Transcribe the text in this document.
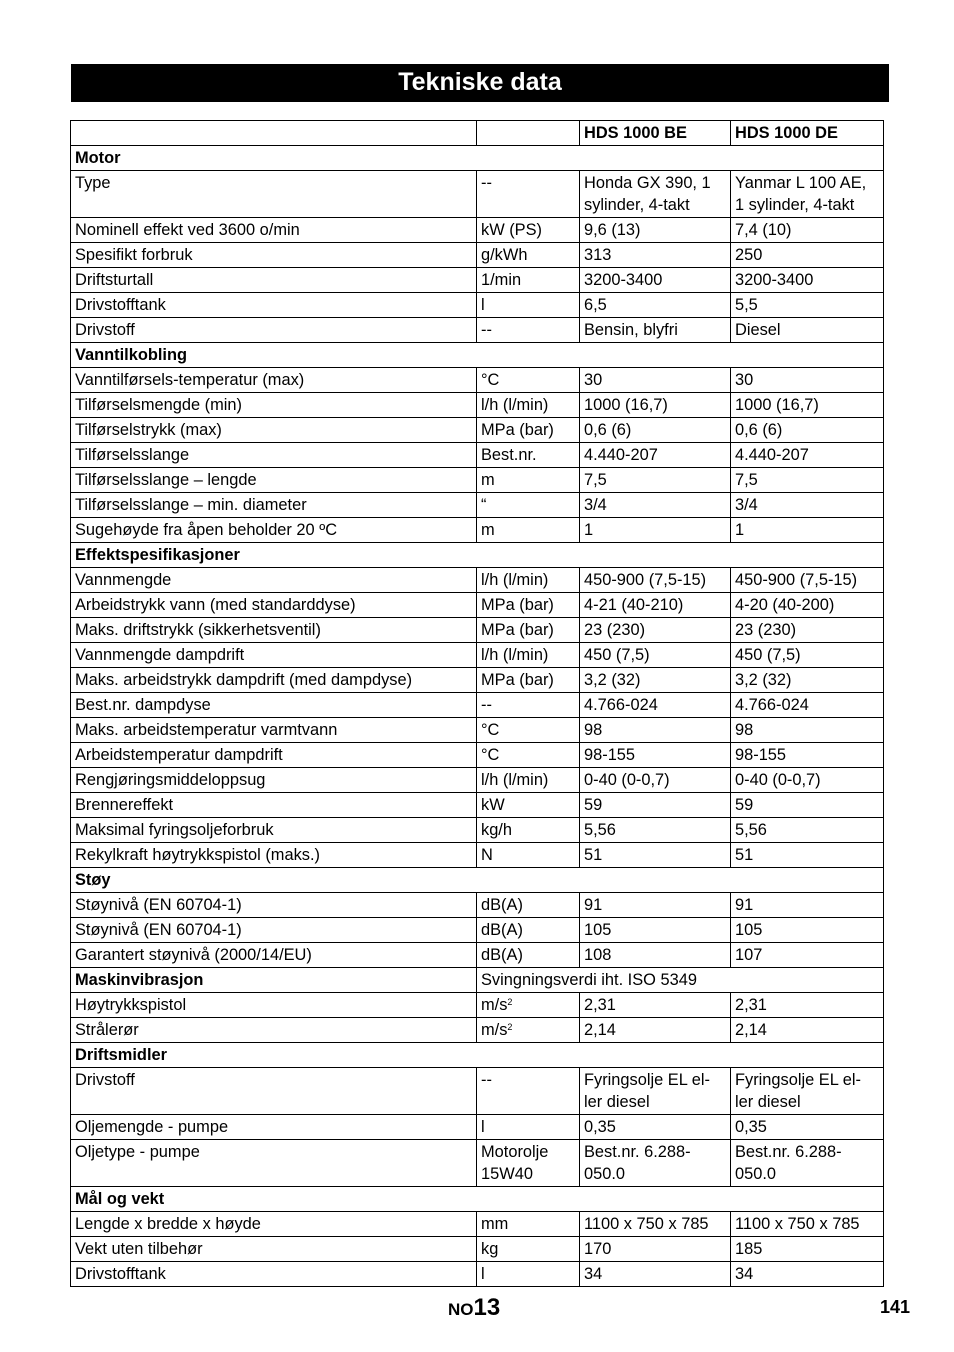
Tekniske data
		HDS 1000 BE	HDS 1000 DE
Motor			
Type	--	Honda GX 390, 1 sylinder, 4-takt	Yanmar L 100 AE, 1 sylinder, 4-takt
Nominell effekt ved 3600 o/min	kW (PS)	9,6 (13)	7,4 (10)
Spesifikt forbruk	g/kWh	313	250
Driftsturtall	1/min	3200-3400	3200-3400
Drivstofftank	l	6,5	5,5
Drivstoff	--	Bensin, blyfri	Diesel
Vanntilkobling			
Vanntilførsels-temperatur (max)	°C	30	30
Tilførselsmengde (min)	l/h (l/min)	1000 (16,7)	1000 (16,7)
Tilførselstrykk (max)	MPa (bar)	0,6 (6)	0,6 (6)
Tilførselsslange	Best.nr.	4.440-207	4.440-207
Tilførselsslange – lengde	m	7,5	7,5
Tilførselsslange – min. diameter	“	3/4	3/4
Sugehøyde fra åpen beholder 20 ºC	m	1	1
Effektspesifikasjoner			
Vannmengde	l/h (l/min)	450-900 (7,5-15)	450-900 (7,5-15)
Arbeidstrykk vann (med standarddyse)	MPa (bar)	4-21 (40-210)	4-20 (40-200)
Maks. driftstrykk (sikkerhetsventil)	MPa (bar)	23 (230)	23 (230)
Vannmengde dampdrift	l/h (l/min)	450 (7,5)	450 (7,5)
Maks. arbeidstrykk dampdrift (med dampdyse)	MPa (bar)	3,2 (32)	3,2 (32)
Best.nr. dampdyse	--	4.766-024	4.766-024
Maks. arbeidstemperatur varmtvann	°C	98	98
Arbeidstemperatur dampdrift	°C	98-155	98-155
Rengjøringsmiddeloppsug	l/h (l/min)	0-40 (0-0,7)	0-40 (0-0,7)
Brennereffekt	kW	59	59
Maksimal fyringsoljeforbruk	kg/h	5,56	5,56
Rekylkraft høytrykkspistol (maks.)	N	51	51
Støy			
Støynivå (EN 60704-1)	dB(A)	91	91
Støynivå (EN 60704-1)	dB(A)	105	105
Garantert støynivå (2000/14/EU)	dB(A)	108	107
Maskinvibrasjon	Svingningsverdi iht. ISO 5349		
Høytrykkspistol	$m/s^2$	2,31	2,31
Strålerør	$m/s^2$	2,14	2,14
Driftsmidler			
Drivstoff	--	Fyringsolje EL el-ler diesel	Fyringsolje EL el-ler diesel
Oljemengde - pumpe	l	0,35	0,35
Oljetype - pumpe	Motorolje 15W40	Best.nr. 6.288-050.0	Best.nr. 6.288-050.0
Mål og vekt			
Lengde x bredde x høyde	mm	1100 x 750 x 785	1100 x 750 x 785
Vekt uten tilbehør	kg	170	185
Drivstofftank	l	34	34
NO13	141
